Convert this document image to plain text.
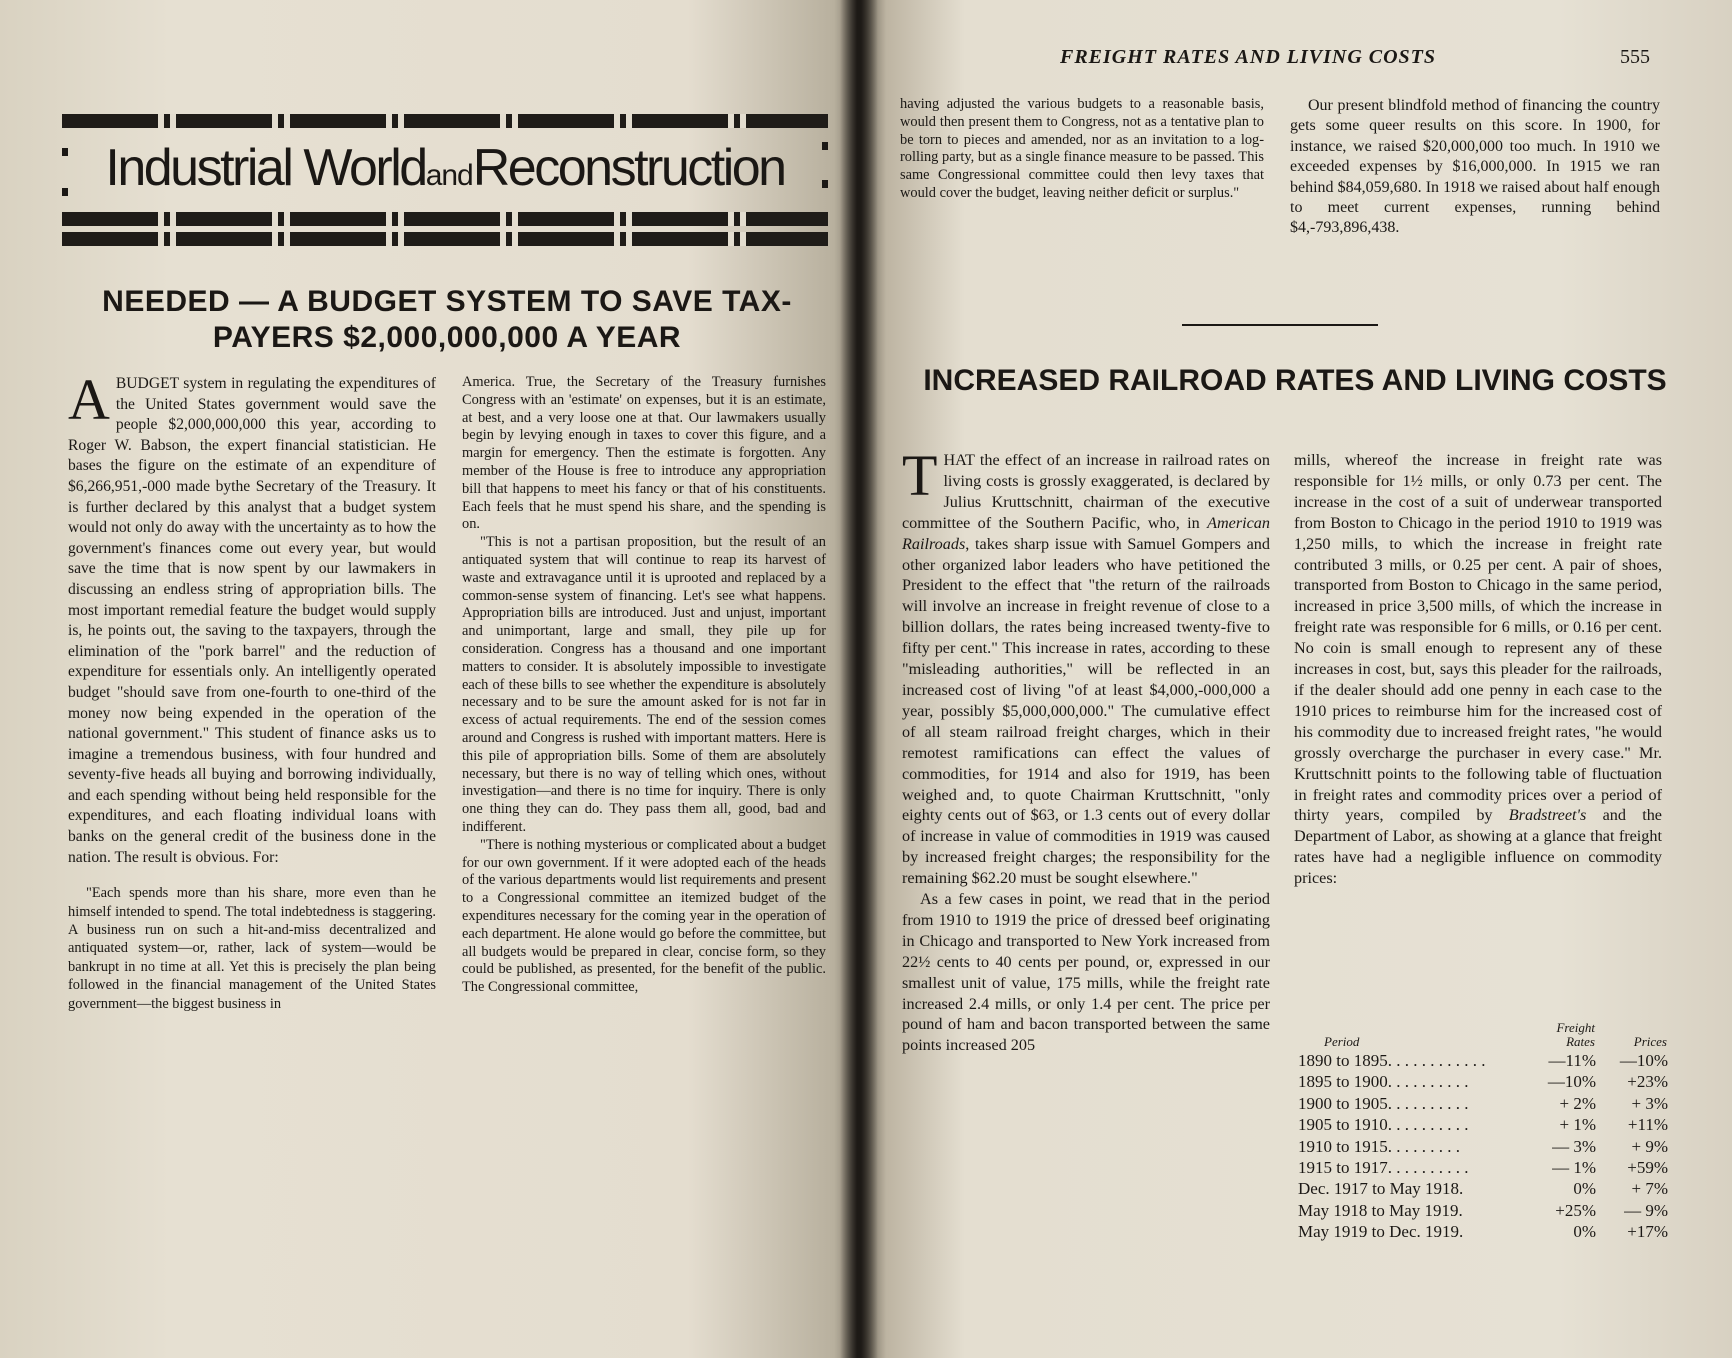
Industrial WorldandReconstruction
NEEDED — A BUDGET SYSTEM TO SAVE TAX-PAYERS $2,000,000,000 A YEAR

ABUDGET system in regulating the expenditures of the United States government would save the people $2,000,000,000 this year, according to Roger W. Babson, the expert financial statistician. He bases the figure on the estimate of an expenditure of $6,266,951,-000 made bythe Secretary of the Treasury. It is further declared by this analyst that a budget system would not only do away with the uncertainty as to how the government's finances come out every year, but would save the time that is now spent by our lawmakers in discussing an endless string of appropriation bills. The most important remedial feature the budget would supply is, he points out, the saving to the taxpayers, through the elimination of the "pork barrel" and the reduction of expenditure for essentials only. An intelligently operated budget "should save from one-fourth to one-third of the money now being expended in the operation of the national government." This student of finance asks us to imagine a tremendous business, with four hundred and seventy-five heads all buying and borrowing individually, and each spending without being held responsible for the expenditures, and each floating individual loans with banks on the general credit of the business done in the nation. The result is obvious. For:

"Each spends more than his share, more even than he himself intended to spend. The total indebtedness is staggering. A business run on such a hit-and-miss decentralized and antiquated system—or, rather, lack of system—would be bankrupt in no time at all. Yet this is precisely the plan being followed in the financial management of the United States government—the biggest business in

America. True, the Secretary of the Treasury furnishes Congress with an 'estimate' on expenses, but it is an estimate, at best, and a very loose one at that. Our lawmakers usually begin by levying enough in taxes to cover this figure, and a margin for emergency. Then the estimate is forgotten. Any member of the House is free to introduce any appropriation bill that happens to meet his fancy or that of his constituents. Each feels that he must spend his share, and the spending is on.

"This is not a partisan proposition, but the result of an antiquated system that will continue to reap its harvest of waste and extravagance until it is uprooted and replaced by a common-sense system of financing. Let's see what happens. Appropriation bills are introduced. Just and unjust, important and unimportant, large and small, they pile up for consideration. Congress has a thousand and one important matters to consider. It is absolutely impossible to investigate each of these bills to see whether the expenditure is absolutely necessary and to be sure the amount asked for is not far in excess of actual requirements. The end of the session comes around and Congress is rushed with important matters. Here is this pile of appropriation bills. Some of them are absolutely necessary, but there is no way of telling which ones, without investigation—and there is no time for inquiry. There is only one thing they can do. They pass them all, good, bad and indifferent.

"There is nothing mysterious or complicated about a budget for our own government. If it were adopted each of the heads of the various departments would list requirements and present to a Congressional committee an itemized budget of the expenditures necessary for the coming year in the operation of each department. He alone would go before the committee, but all budgets would be prepared in clear, concise form, so they could be published, as presented, for the benefit of the public. The Congressional committee,

FREIGHT RATES AND LIVING COSTS	555

having adjusted the various budgets to a reasonable basis, would then present them to Congress, not as a tentative plan to be torn to pieces and amended, nor as an invitation to a log-rolling party, but as a single finance measure to be passed. This same Congressional committee could then levy taxes that would cover the budget, leaving neither deficit or surplus."

Our present blindfold method of financing the country gets some queer results on this score. In 1900, for instance, we raised $20,000,000 too much. In 1910 we exceeded expenses by $16,000,000. In 1915 we ran behind $84,059,680. In 1918 we raised about half enough to meet current expenses, running behind $4,-793,896,438.

INCREASED RAILROAD RATES AND LIVING COSTS

THAT the effect of an increase in railroad rates on living costs is grossly exaggerated, is declared by Julius Kruttschnitt, chairman of the executive committee of the Southern Pacific, who, in American Railroads, takes sharp issue with Samuel Gompers and other organized labor leaders who have petitioned the President to the effect that "the return of the railroads will involve an increase in freight revenue of close to a billion dollars, the rates being increased twenty-five to fifty per cent." This increase in rates, according to these "misleading authorities," will be reflected in an increased cost of living "of at least $4,000,-000,000 a year, possibly $5,000,000,000." The cumulative effect of all steam railroad freight charges, which in their remotest ramifications can effect the values of commodities, for 1914 and also for 1919, has been weighed and, to quote Chairman Kruttschnitt, "only eighty cents out of $63, or 1.3 cents out of every dollar of increase in value of commodities in 1919 was caused by increased freight charges; the responsibility for the remaining $62.20 must be sought elsewhere."

As a few cases in point, we read that in the period from 1910 to 1919 the price of dressed beef originating in Chicago and transported to New York increased from 22½ cents to 40 cents per pound, or, expressed in our smallest unit of value, 175 mills, while the freight rate increased 2.4 mills, or only 1.4 per cent. The price per pound of ham and bacon transported between the same points increased 205

mills, whereof the increase in freight rate was responsible for 1½ mills, or only 0.73 per cent. The increase in the cost of a suit of underwear transported from Boston to Chicago in the period 1910 to 1919 was 1,250 mills, to which the increase in freight rate contributed 3 mills, or 0.25 per cent. A pair of shoes, transported from Boston to Chicago in the same period, increased in price 3,500 mills, of which the increase in freight rate was responsible for 6 mills, or 0.16 per cent. No coin is small enough to represent any of these increases in cost, but, says this pleader for the railroads, if the dealer should add one penny in each case to the 1910 prices to reimburse him for the increased cost of his commodity due to increased freight rates, "he would grossly overcharge the purchaser in every case." Mr. Kruttschnitt points to the following table of fluctuation in freight rates and commodity prices over a period of thirty years, compiled by Bradstreet's and the Department of Labor, as showing at a glance that freight rates have had a negligible influence on commodity prices:

Period	Freight Rates	Prices
1890 to 1895. . . . . . . . . . . .	—11%	—10%
1895 to 1900. . . . . . . . . .	—10%	+23%
1900 to 1905. . . . . . . . . .	+ 2%	+ 3%
1905 to 1910. . . . . . . . . .	+ 1%	+11%
1910 to 1915. . . . . . . . .	— 3%	+ 9%
1915 to 1917. . . . . . . . . .	— 1%	+59%
Dec. 1917 to May 1918.	0%	+ 7%
May 1918 to May 1919.	+25%	— 9%
May 1919 to Dec. 1919.	0%	+17%
